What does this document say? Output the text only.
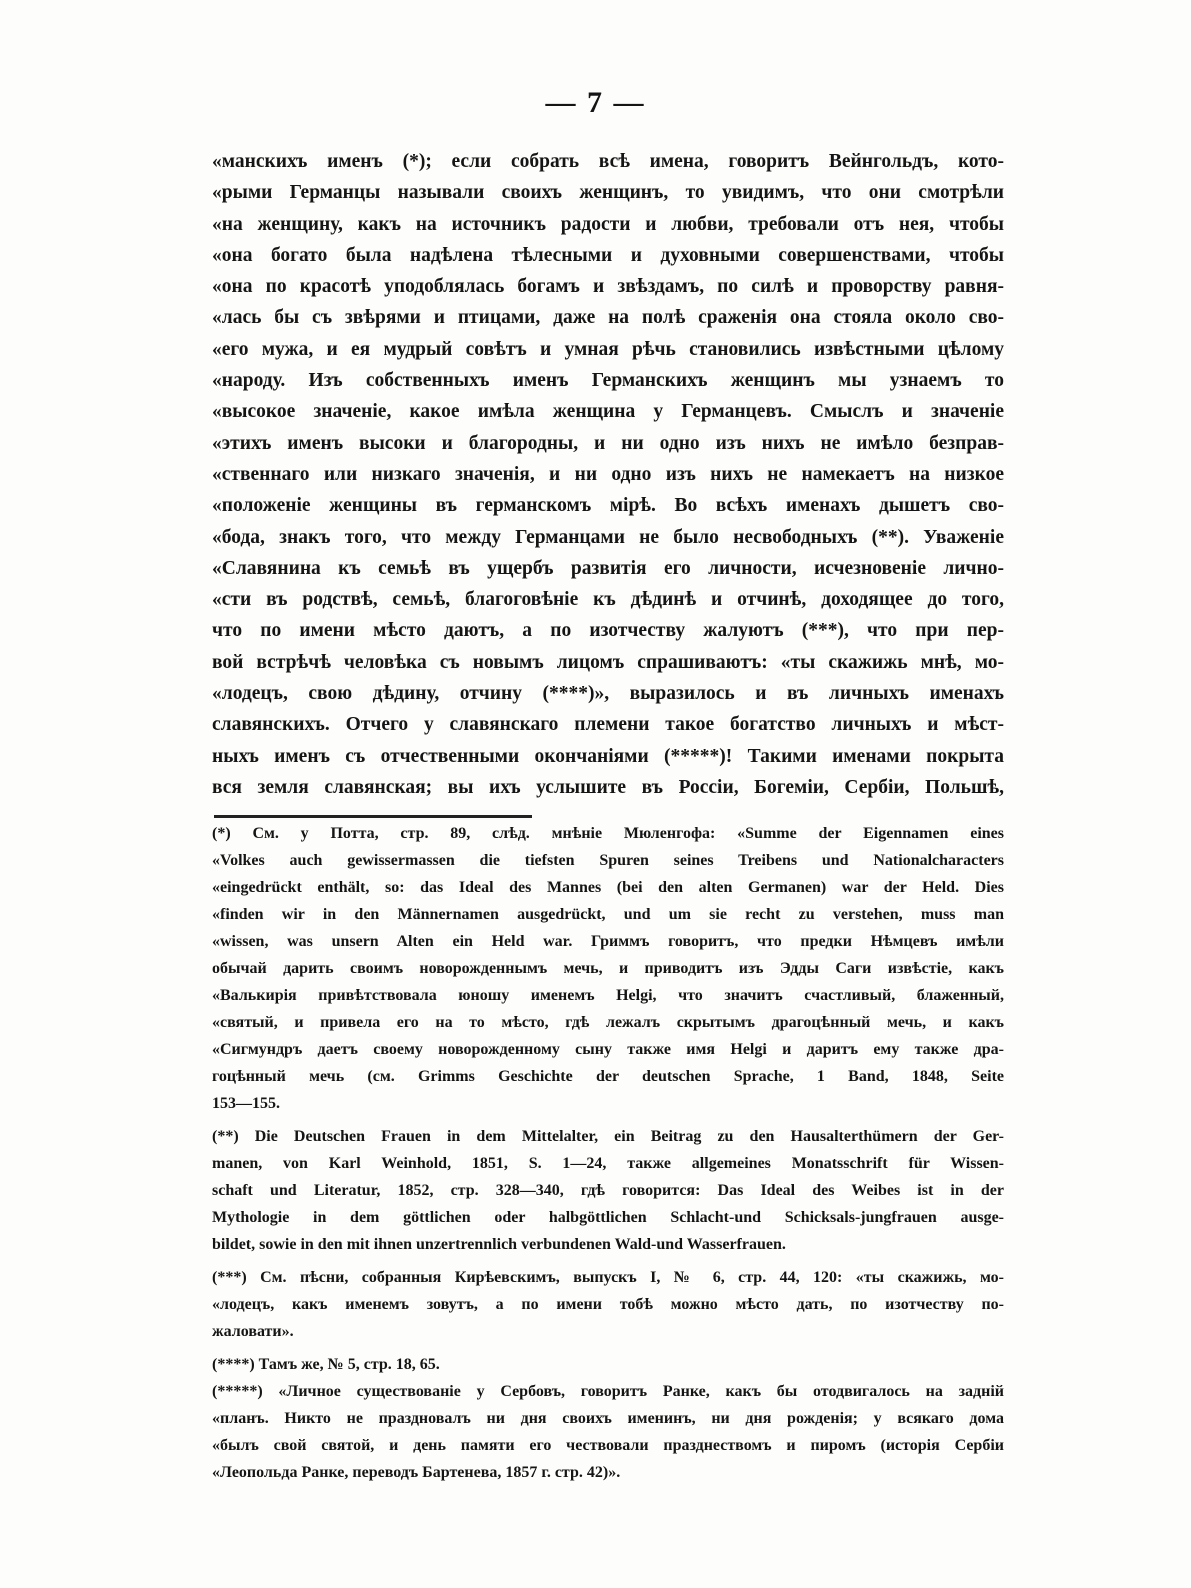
— 7 —
«манскихъ именъ (*); если собрать всѣ имена, говоритъ Вейнгольдъ, кото-
«рыми Германцы называли своихъ женщинъ, то увидимъ, что они смотрѣли
«на женщину, какъ на источникъ радости и любви, требовали отъ нея, чтобы
«она богато была надѣлена тѣлесными и духовными совершенствами, чтобы
«она по красотѣ уподоблялась богамъ и звѣздамъ, по силѣ и проворству равня-
«лась бы съ звѣрями и птицами, даже на полѣ сраженія она стояла около сво-
«его мужа, и ея мудрый совѣтъ и умная рѣчь становились извѣстными цѣлому
«народу. Изъ собственныхъ именъ Германскихъ женщинъ мы узнаемъ то
«высокое значеніе, какое имѣла женщина у Германцевъ. Смыслъ и значеніе
«этихъ именъ высоки и благородны, и ни одно изъ нихъ не имѣло безправ-
«ственнаго или низкаго значенія, и ни одно изъ нихъ не намекаетъ на низкое
«положеніе женщины въ германскомъ мірѣ. Во всѣхъ именахъ дышетъ сво-
«бода, знакъ того, что между Германцами не было несвободныхъ (**). Уваженіе
«Славянина къ семьѣ въ ущербъ развитія его личности, исчезновеніе лично-
«сти въ родствѣ, семьѣ, благоговѣніе къ дѣдинѣ и отчинѣ, доходящее до того,
что по имени мѣсто даютъ, а по изотчеству жалуютъ (***), что при пер-
вой встрѣчѣ человѣка съ новымъ лицомъ спрашиваютъ: «ты скажижь мнѣ, мо-
«лодецъ, свою дѣдину, отчину (****)», выразилось и въ личныхъ именахъ
славянскихъ. Отчего у славянскаго племени такое богатство личныхъ и мѣст-
ныхъ именъ съ отчественными окончаніями (*****)! Такими именами покрыта
вся земля славянская; вы ихъ услышите въ Россіи, Богеміи, Сербіи, Польшѣ,
(*) См. у Потта, стр. 89, слѣд. мнѣніе Мюленгофа: «Summe der Eigennamen eines
«Volkes auch gewissermassen die tiefsten Spuren seines Treibens und Nationalcharacters
«eingedrückt enthält, so: das Ideal des Mannes (bei den alten Germanen) war der Held. Dies
«finden wir in den Männernamen ausgedrückt, und um sie recht zu verstehen, muss man
«wissen, was unsern Alten ein Held war. Гриммъ говоритъ, что предки Нѣмцевъ имѣли
обычай дарить своимъ новорожденнымъ мечь, и приводитъ изъ Эдды Саги извѣстіе, какъ
«Валькирія привѣтствовала юношу именемъ Helgi, что значитъ счастливый, блаженный,
«святый, и привела его на то мѣсто, гдѣ лежалъ скрытымъ драгоцѣнный мечь, и какъ
«Сигмундръ даетъ своему новорожденному сыну также имя Helgi и даритъ ему также дра-
гоцѣнный мечь (см. Grimms Geschichte der deutschen Sprache, 1 Band, 1848, Seite
153—155.
(**) Die Deutschen Frauen in dem Mittelalter, ein Beitrag zu den Hausalterthümern der Ger-
manen, von Karl Weinhold, 1851, S. 1—24, также allgemeines Monatsschrift für Wissen-
schaft und Literatur, 1852, стр. 328—340, гдѣ говорится: Das Ideal des Weibes ist in der
Mythologie in dem göttlichen oder halbgöttlichen Schlacht-und Schicksals-jungfrauen ausge-
bildet, sowie in den mit ihnen unzertrennlich verbundenen Wald-und Wasserfrauen.
(***) См. пѣсни, собранныя Кирѣевскимъ, выпускъ I, № 6, стр. 44, 120: «ты скажижь, мо-
«лодецъ, какъ именемъ зовутъ, а по имени тобѣ можно мѣсто дать, по изотчеству по-
жаловати».
(****) Тамъ же, № 5, стр. 18, 65.
(*****) «Личное существованіе у Сербовъ, говоритъ Ранке, какъ бы отодвигалось на задній
«планъ. Никто не праздновалъ ни дня своихъ именинъ, ни дня рожденія; у всякаго дома
«былъ свой святой, и день памяти его чествовали празднествомъ и пиромъ (исторія Сербіи
«Леопольда Ранке, переводъ Бартенева, 1857 г. стр. 42)».
